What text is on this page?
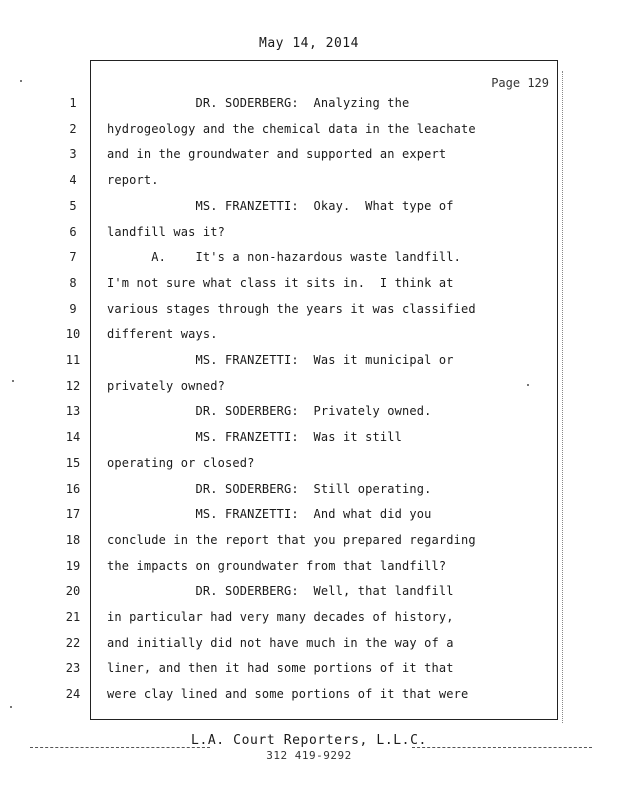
May 14, 2014
Page 129
1	DR. SODERBERG:  Analyzing the
2	hydrogeology and the chemical data in the leachate
3	and in the groundwater and supported an expert
4	report.
5	MS. FRANZETTI:  Okay.  What type of
6	landfill was it?
7	A.    It's a non-hazardous waste landfill.
8	I'm not sure what class it sits in.  I think at
9	various stages through the years it was classified
10	different ways.
11	MS. FRANZETTI:  Was it municipal or
12	privately owned?
13	DR. SODERBERG:  Privately owned.
14	MS. FRANZETTI:  Was it still
15	operating or closed?
16	DR. SODERBERG:  Still operating.
17	MS. FRANZETTI:  And what did you
18	conclude in the report that you prepared regarding
19	the impacts on groundwater from that landfill?
20	DR. SODERBERG:  Well, that landfill
21	in particular had very many decades of history,
22	and initially did not have much in the way of a
23	liner, and then it had some portions of it that
24	were clay lined and some portions of it that were
L.A. Court Reporters, L.L.C.
312 419-9292
